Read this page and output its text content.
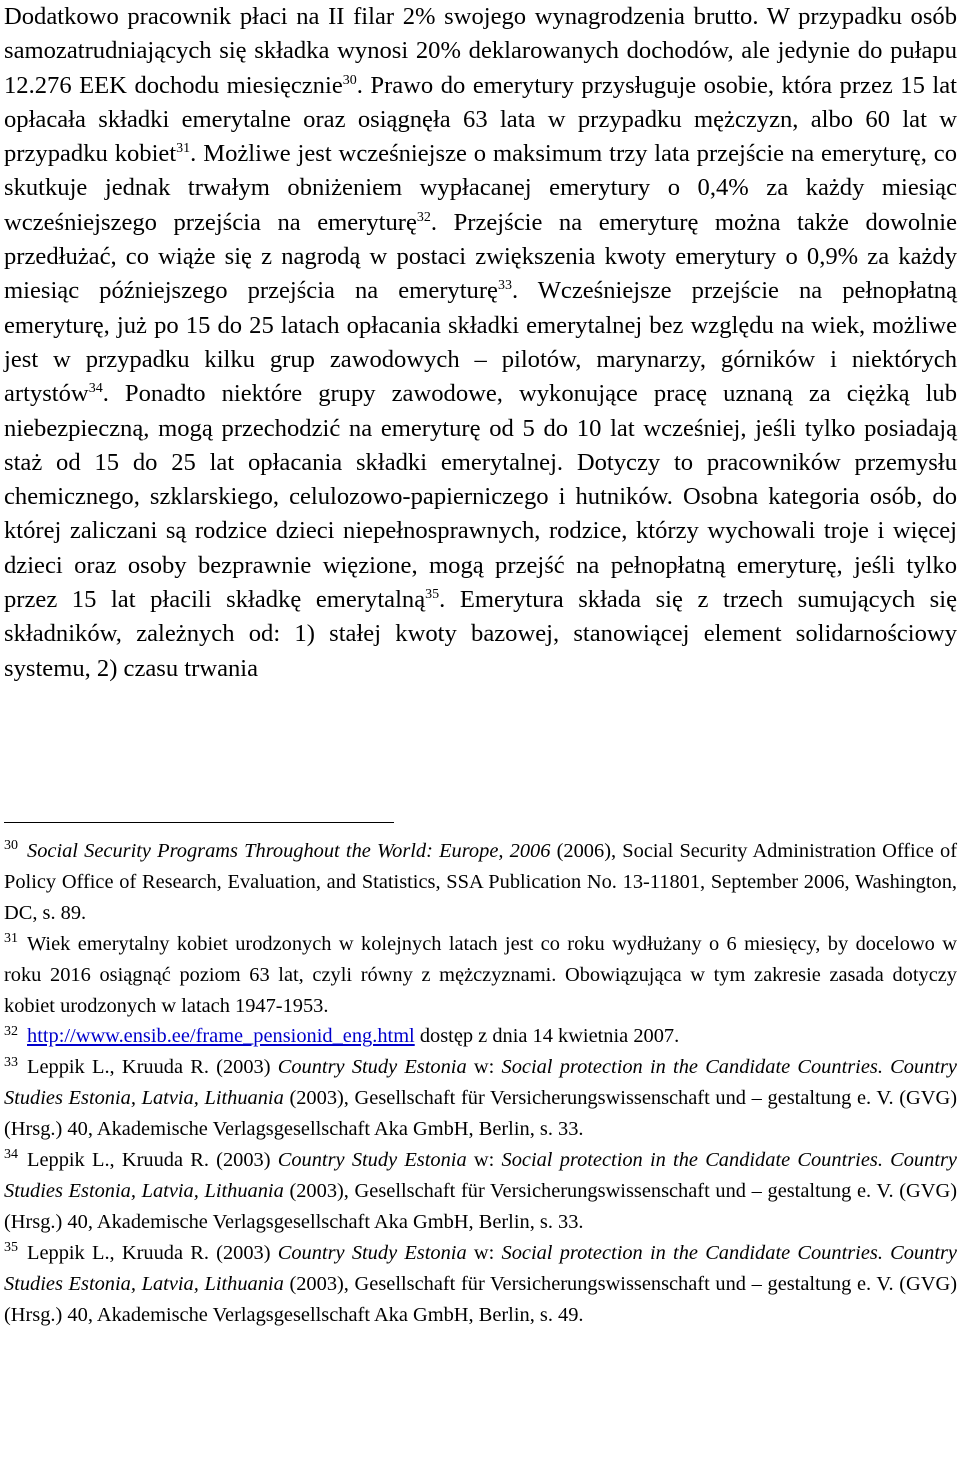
Dodatkowo pracownik płaci na II filar 2% swojego wynagrodzenia brutto. W przypadku osób samozatrudniających się składka wynosi 20% deklarowanych dochodów, ale jedynie do pułapu 12.276 EEK dochodu miesięcznie$^{30}$. Prawo do emerytury przysługuje osobie, która przez 15 lat opłacała składki emerytalne oraz osiągnęła 63 lata w przypadku mężczyzn, albo 60 lat w przypadku kobiet$^{31}$. Możliwe jest wcześniejsze o maksimum trzy lata przejście na emeryturę, co skutkuje jednak trwałym obniżeniem wypłacanej emerytury o 0,4% za każdy miesiąc wcześniejszego przejścia na emeryturę$^{32}$. Przejście na emeryturę można także dowolnie przedłużać, co wiąże się z nagrodą w postaci zwiększenia kwoty emerytury o 0,9% za każdy miesiąc późniejszego przejścia na emeryturę$^{33}$. Wcześniejsze przejście na pełnopłatną emeryturę, już po 15 do 25 latach opłacania składki emerytalnej bez względu na wiek, możliwe jest w przypadku kilku grup zawodowych – pilotów, marynarzy, górników i niektórych artystów$^{34}$. Ponadto niektóre grupy zawodowe, wykonujące pracę uznaną za ciężką lub niebezpieczną, mogą przechodzić na emeryturę od 5 do 10 lat wcześniej, jeśli tylko posiadają staż od 15 do 25 lat opłacania składki emerytalnej. Dotyczy to pracowników przemysłu chemicznego, szklarskiego, celulozowo-papierniczego i hutników. Osobna kategoria osób, do której zaliczani są rodzice dzieci niepełnosprawnych, rodzice, którzy wychowali troje i więcej dzieci oraz osoby bezprawnie więzione, mogą przejść na pełnopłatną emeryturę, jeśli tylko przez 15 lat płacili składkę emerytalną$^{35}$. Emerytura składa się z trzech sumujących się składników, zależnych od: 1) stałej kwoty bazowej, stanowiącej element solidarnościowy systemu, 2) czasu trwania

$^{30}$ Social Security Programs Throughout the World: Europe, 2006 (2006), Social Security Administration Office of Policy Office of Research, Evaluation, and Statistics, SSA Publication No. 13-11801, September 2006, Washington, DC, s. 89.

$^{31}$ Wiek emerytalny kobiet urodzonych w kolejnych latach jest co roku wydłużany o 6 miesięcy, by docelowo w roku 2016 osiągnąć poziom 63 lat, czyli równy z mężczyznami. Obowiązująca w tym zakresie zasada dotyczy kobiet urodzonych w latach 1947-1953.

$^{32}$ http://www.ensib.ee/frame_pensionid_eng.html dostęp z dnia 14 kwietnia 2007.

$^{33}$ Leppik L., Kruuda R. (2003) Country Study Estonia w: Social protection in the Candidate Countries. Country Studies Estonia, Latvia, Lithuania (2003), Gesellschaft für Versicherungswissenschaft und – gestaltung e. V. (GVG) (Hrsg.) 40, Akademische Verlagsgesellschaft Aka GmbH, Berlin, s. 33.

$^{34}$ Leppik L., Kruuda R. (2003) Country Study Estonia w: Social protection in the Candidate Countries. Country Studies Estonia, Latvia, Lithuania (2003), Gesellschaft für Versicherungswissenschaft und – gestaltung e. V. (GVG) (Hrsg.) 40, Akademische Verlagsgesellschaft Aka GmbH, Berlin, s. 33.

$^{35}$ Leppik L., Kruuda R. (2003) Country Study Estonia w: Social protection in the Candidate Countries. Country Studies Estonia, Latvia, Lithuania (2003), Gesellschaft für Versicherungswissenschaft und – gestaltung e. V. (GVG) (Hrsg.) 40, Akademische Verlagsgesellschaft Aka GmbH, Berlin, s. 49.
